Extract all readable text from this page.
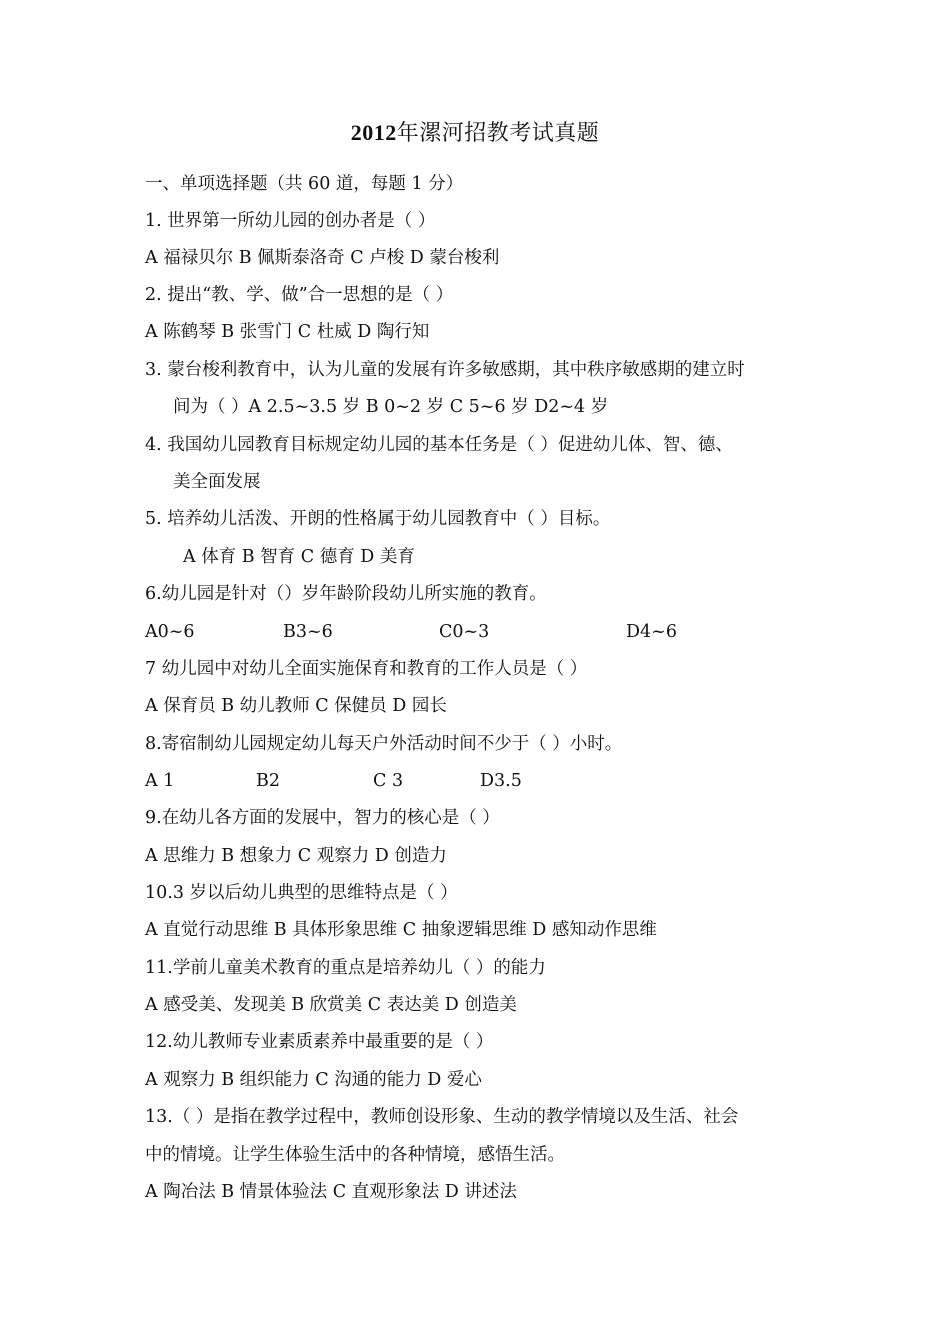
2012年漯河招教考试真题
一、单项选择题（共 60 道，每题 1 分）
1. 世界第一所幼儿园的创办者是（ ）
A 福禄贝尔 B 佩斯泰洛奇 C 卢梭 D 蒙台梭利
2. 提出“教、学、做”合一思想的是（ ）
A 陈鹤琴 B 张雪门 C 杜威 D 陶行知
3. 蒙台梭利教育中，认为儿童的发展有许多敏感期，其中秩序敏感期的建立时
间为（ ）A 2.5~3.5 岁 B 0~2 岁 C 5~6 岁 D2~4 岁
4. 我国幼儿园教育目标规定幼儿园的基本任务是（ ）促进幼儿体、智、德、
美全面发展
5. 培养幼儿活泼、开朗的性格属于幼儿园教育中（ ）目标。
A 体育 B 智育 C 德育 D 美育
6.幼儿园是针对（）岁年龄阶段幼儿所实施的教育。
A0~6	B3~6	C0~3	D4~6
7 幼儿园中对幼儿全面实施保育和教育的工作人员是（ ）
A 保育员 B 幼儿教师 C 保健员 D 园长
8.寄宿制幼儿园规定幼儿每天户外活动时间不少于（ ）小时。
A 1	B2	C 3	D3.5
9.在幼儿各方面的发展中，智力的核心是（ ）
A 思维力 B 想象力 C 观察力 D 创造力
10.3 岁以后幼儿典型的思维特点是（ ）
A 直觉行动思维 B 具体形象思维 C 抽象逻辑思维 D 感知动作思维
11.学前儿童美术教育的重点是培养幼儿（ ）的能力
A 感受美、发现美 B 欣赏美 C 表达美 D 创造美
12.幼儿教师专业素质素养中最重要的是（ ）
A 观察力 B 组织能力 C 沟通的能力 D 爱心
13.（ ）是指在教学过程中，教师创设形象、生动的教学情境以及生活、社会
中的情境。让学生体验生活中的各种情境，感悟生活。
A 陶冶法 B 情景体验法 C 直观形象法 D 讲述法
